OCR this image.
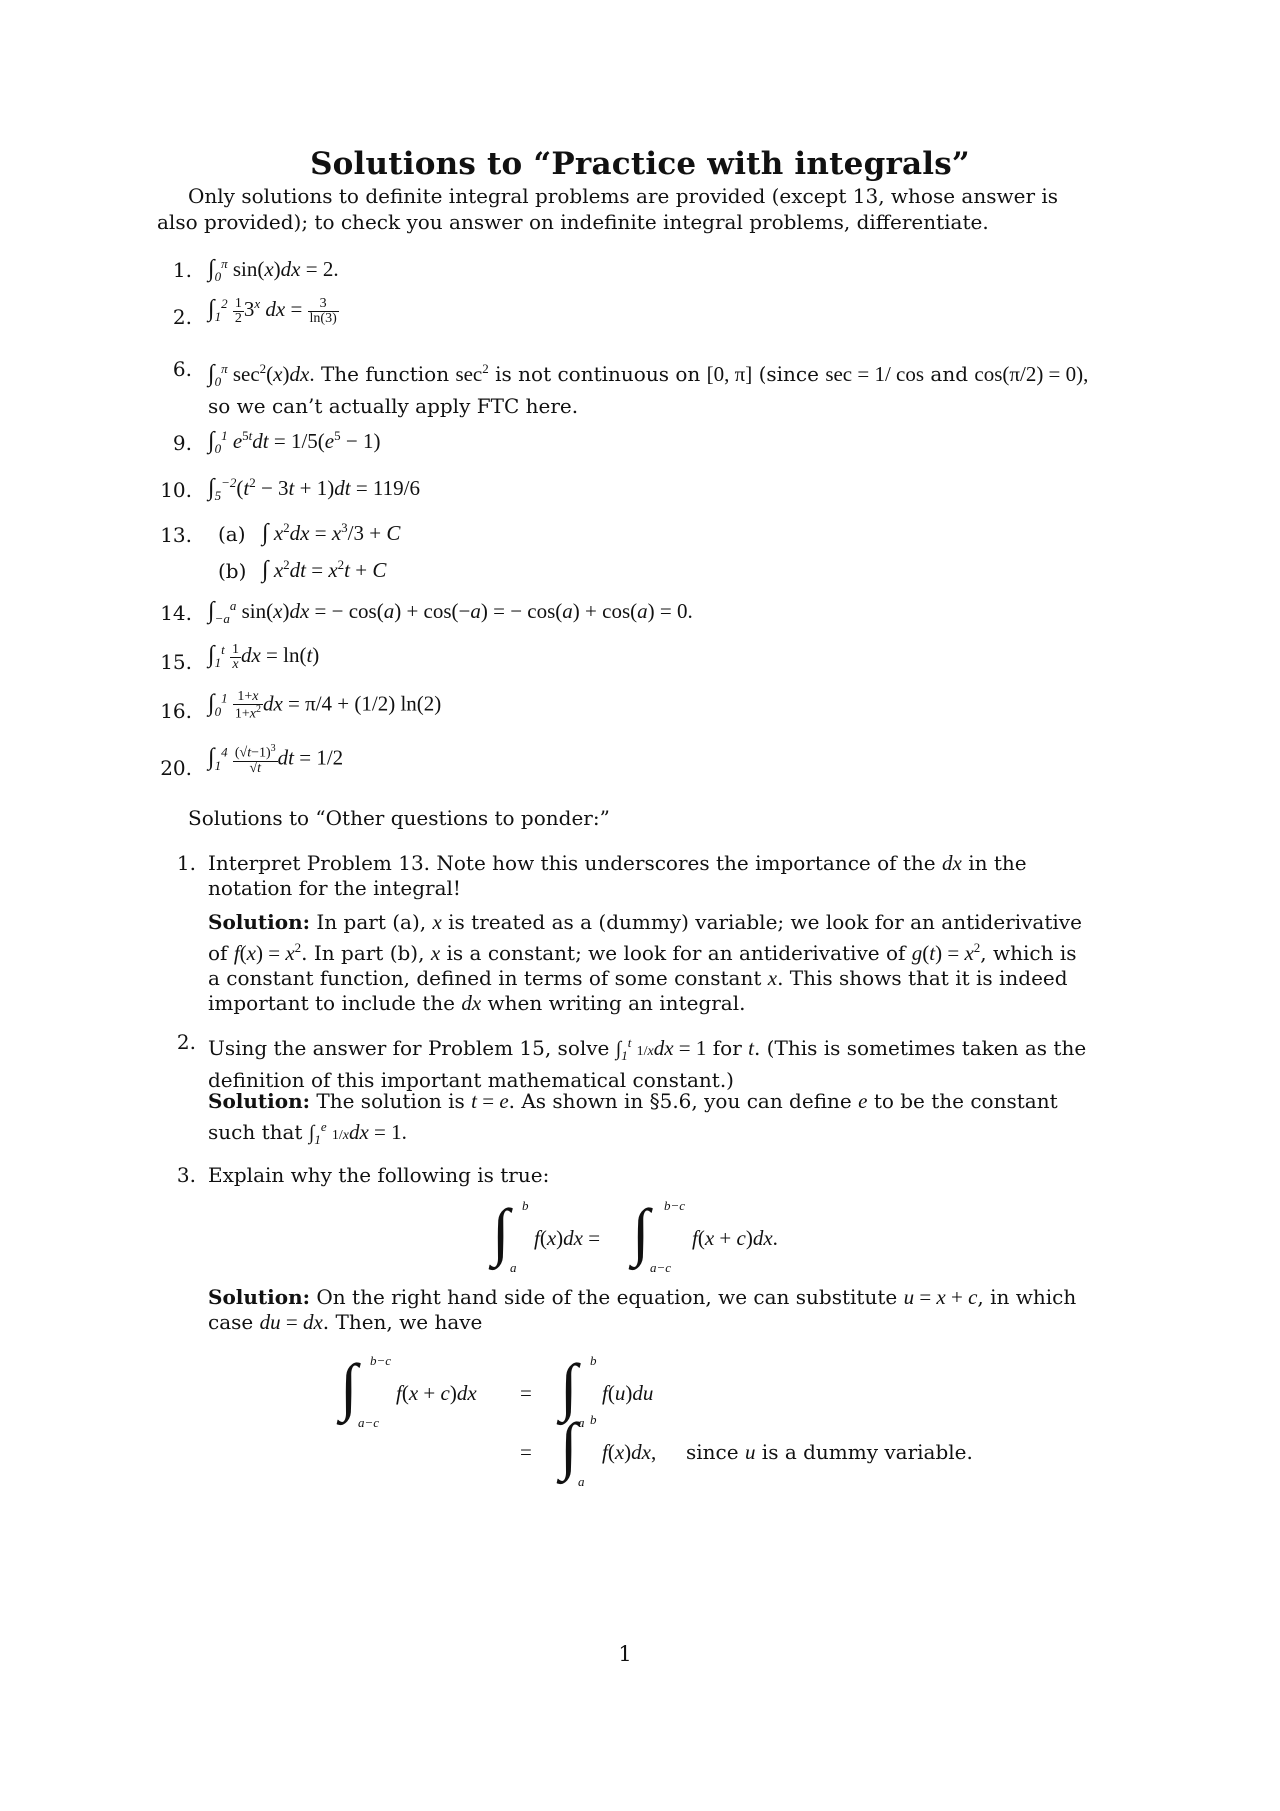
Solutions to “Practice with integrals”
Only solutions to definite integral problems are provided (except 13, whose answer is also provided); to check you answer on indefinite integral problems, differentiate.
1. $\int_0^\pi$ sin(x)dx = 2.
2. $\int_1^2 \frac{1}{2} 3^x$ dx = $\frac{3}{\ln(3)}$
6. $\int_0^\pi$ $\sec^2(x)dx$. The function $\sec^2$ is not continuous on [0, π] (since sec = 1/ cos and cos(π/2) = 0), so we can’t actually apply FTC here.
9. $\int_0^1$ $e^{5t}dt = 1/5(e^5 - 1)$
10. $\int_5^{-2}(t^2 - 3t + 1)dt = 119/6$
13. (a) ∫ $x^2dx = x^3/3 + C$
(b) ∫ $x^2dt = x^2t + C$
14. $\int_{-a}^a$ sin(x)dx = − cos(a) + cos(−a) = − cos(a) + cos(a) = 0.
15. $\int_1^t \frac{1}{x}$ dx = ln(t)
16. $\int_0^1 \frac{1+x}{1+x^2}$ dx = π/4 + (1/2) ln(2)
20. $\int_1^4 \frac{(√t-1)^3}{√t}$ dt = 1/2
Solutions to “Other questions to ponder:”
1. Interpret Problem 13. Note how this underscores the importance of the dx in the notation for the integral!
Solution: In part (a), x is treated as a (dummy) variable; we look for an antiderivative of $f(x) = x^2$. In part (b), x is a constant; we look for an antiderivative of $g(t) = x^2$, which is a constant function, defined in terms of some constant x. This shows that it is indeed important to include the dx when writing an integral.
2. Using the answer for Problem 15, solve $\int_1^t$ 1/xdx = 1 for t. (This is sometimes taken as the definition of this important mathematical constant.)
Solution: The solution is t = e. As shown in §5.6, you can define e to be the constant such that $\int_1^e$ 1/xdx = 1.
3. Explain why the following is true:
∫ b
a
f(x)dx = ∫ b−c
a−c
f(x + c)dx.
Solution: On the right hand side of the equation, we can substitute u = x + c, in which case du = dx. Then, we have
∫ b−c
a−c
f(x + c)dx = ∫ b
a
f(u)du
= ∫ b
a
f(x)dx, since u is a dummy variable.
1
